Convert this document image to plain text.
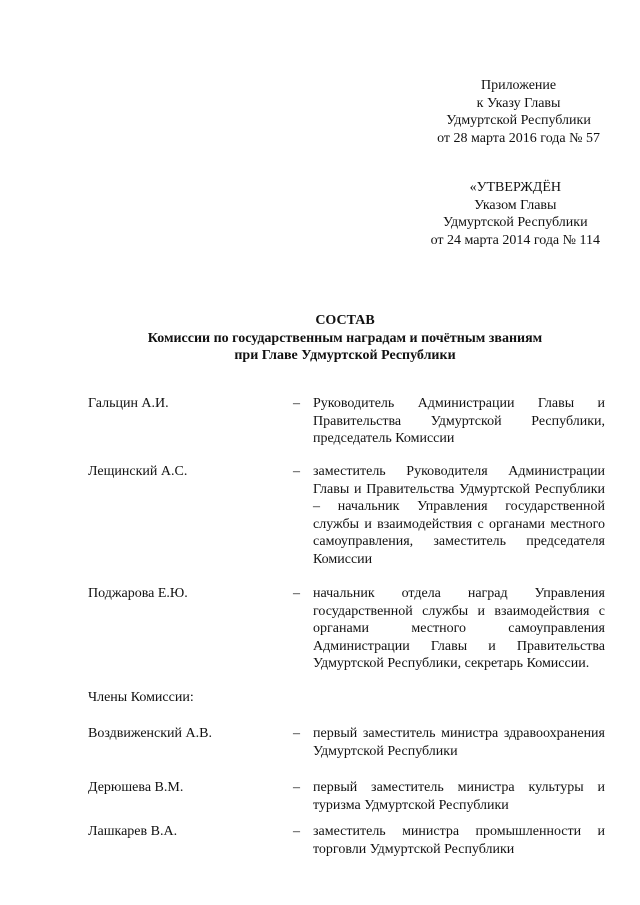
Приложение
к Указу Главы
Удмуртской Республики
от 28 марта 2016 года № 57
«УТВЕРЖДЁН
Указом Главы
Удмуртской Республики
от 24 марта 2014 года № 114
СОСТАВ
Комиссии по государственным наградам и почётным званиям
при Главе Удмуртской Республики
Гальцин А.И.	– Руководитель Администрации Главы и Правительства Удмуртской Республики, председатель Комиссии
Лещинский А.С.	– заместитель Руководителя Администрации Главы и Правительства Удмуртской Республики – начальник Управления государственной службы и взаимодействия с органами местного самоуправления, заместитель председателя Комиссии
Поджарова Е.Ю.	– начальник отдела наград Управления государственной службы и взаимодействия с органами местного самоуправления Администрации Главы и Правительства Удмуртской Республики, секретарь Комиссии.
Члены Комиссии:
Воздвиженский А.В.	– первый заместитель министра здравоохранения Удмуртской Республики
Дерюшева В.М.	– первый заместитель министра культуры и туризма Удмуртской Республики
Лашкарев В.А.	– заместитель министра промышленности и торговли Удмуртской Республики
